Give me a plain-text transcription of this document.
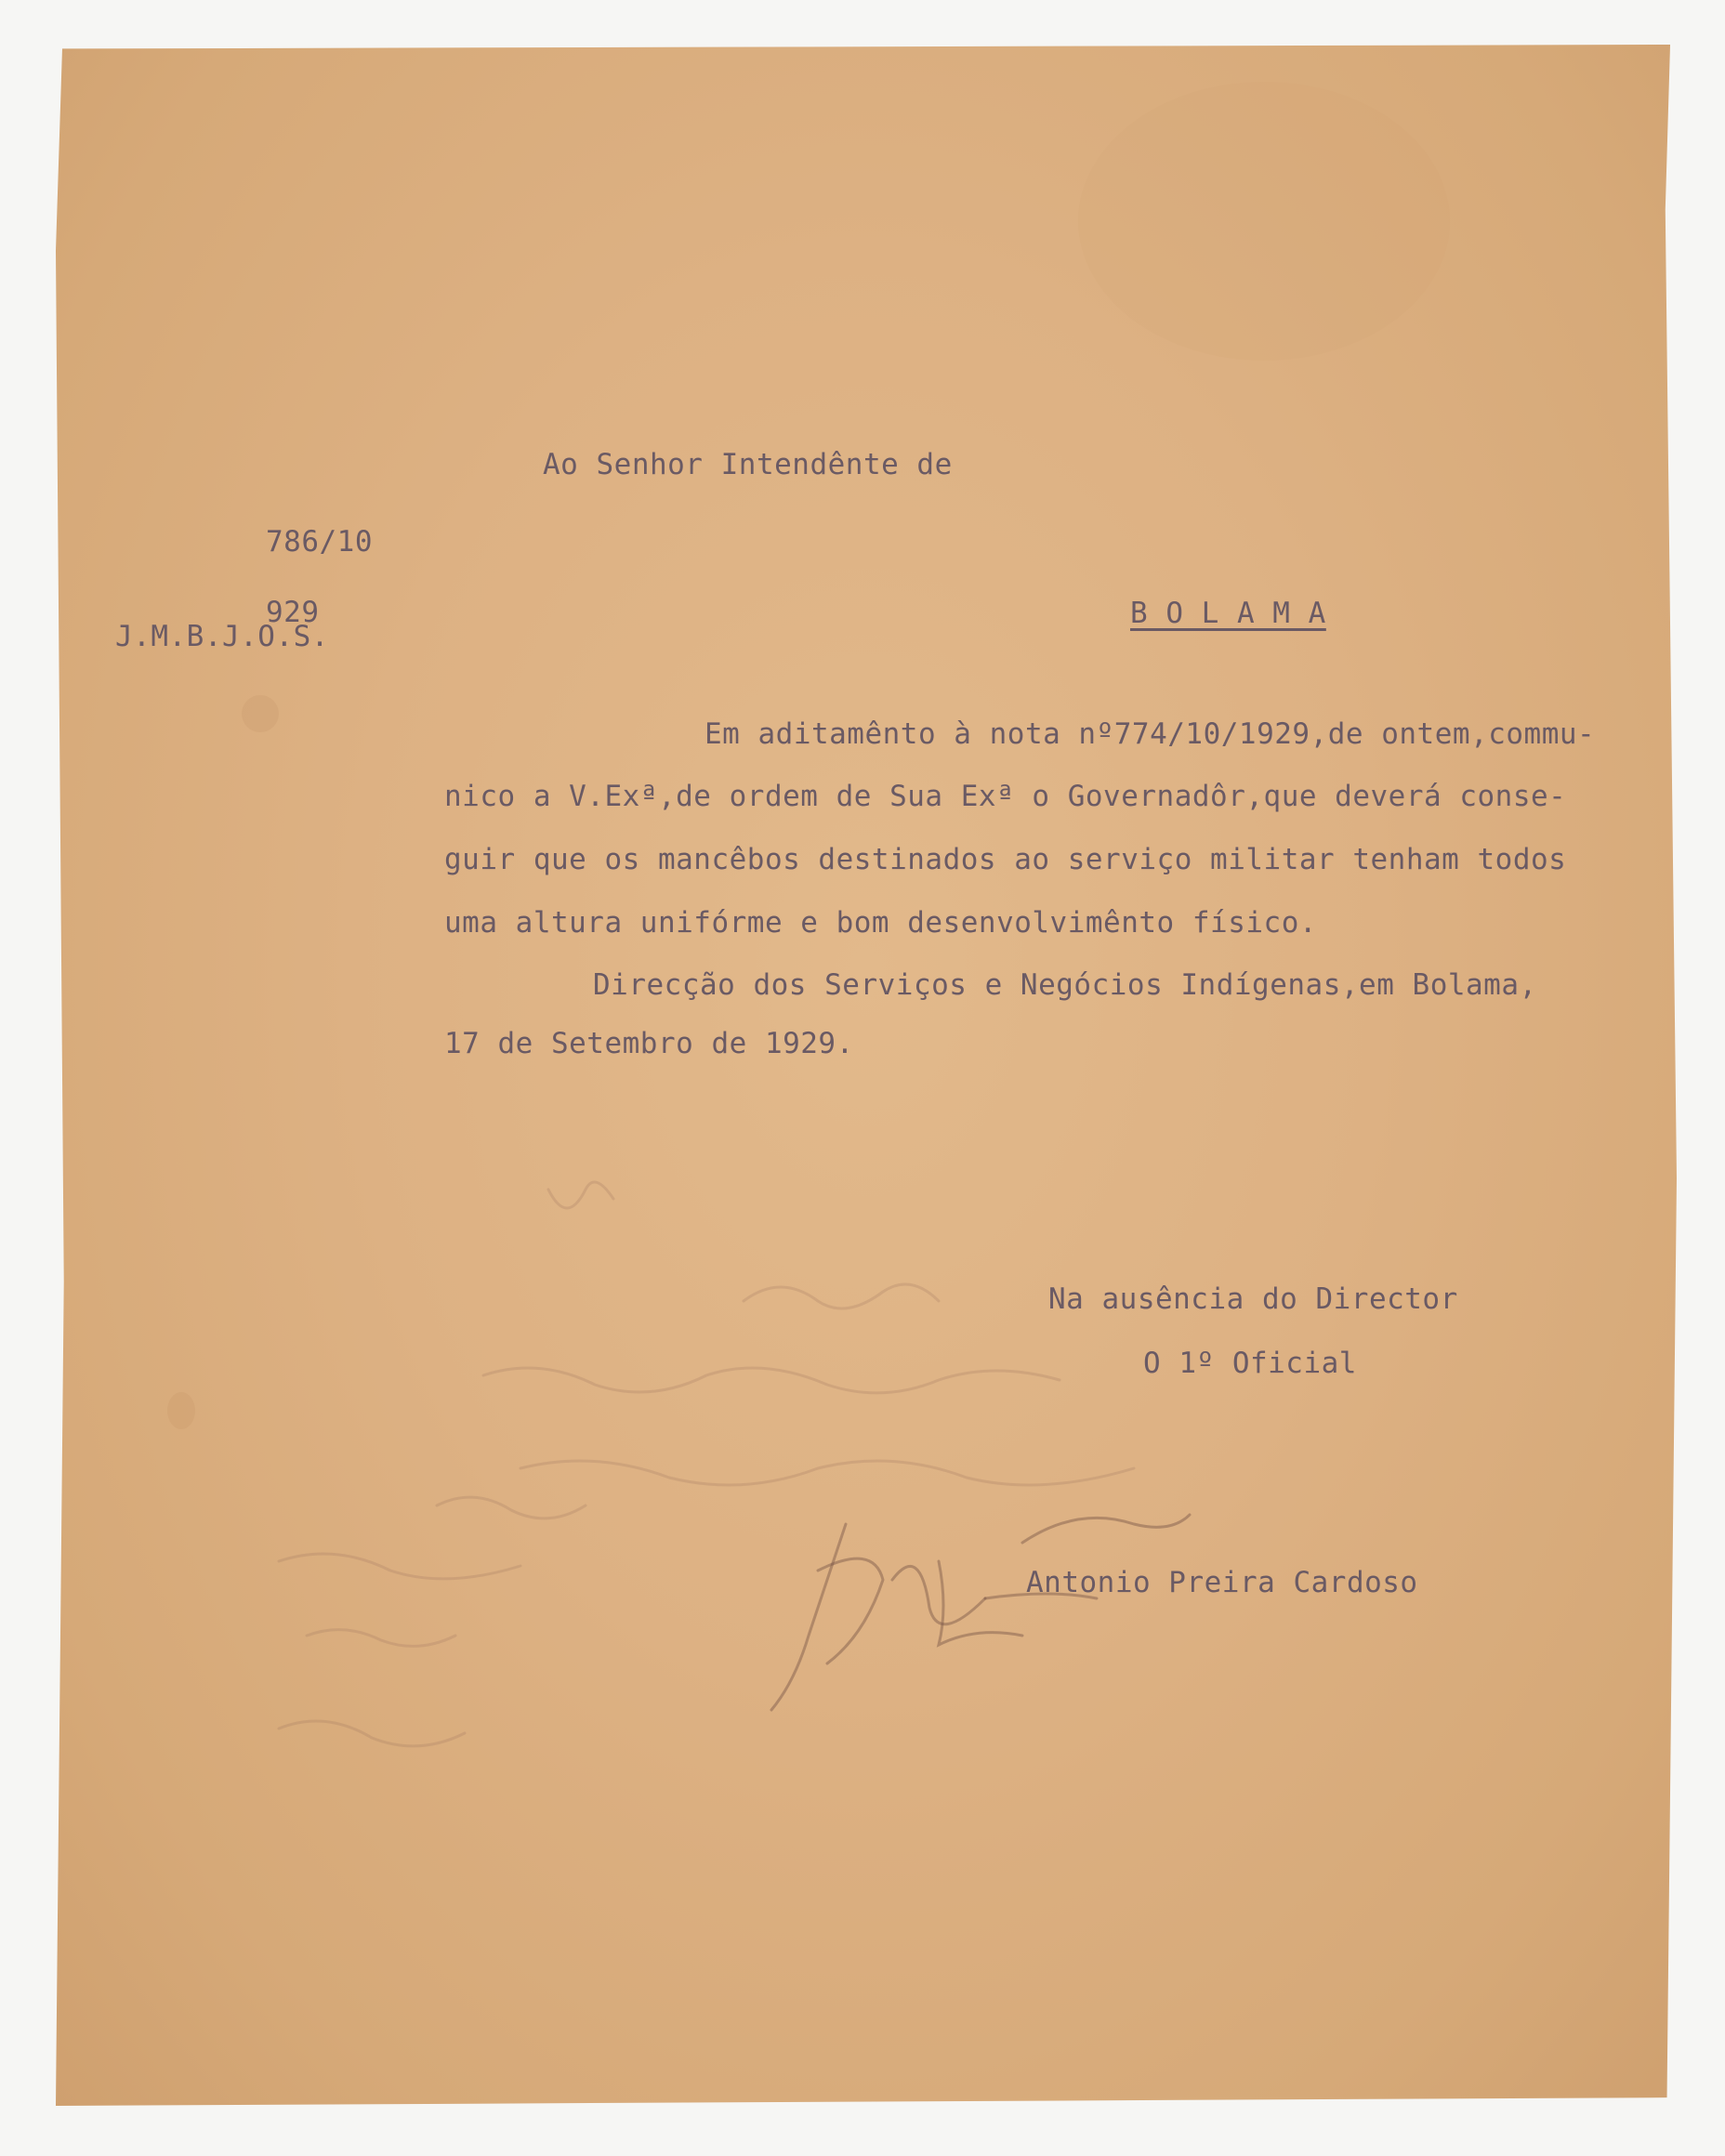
786/10

929

J.M.B.J.O.S.
Ao Senhor Intendênte de
B O L A M A
Em aditamênto à nota nº774/10/1929,de ontem,commu-
nico a V.Exª,de ordem de Sua Exª o Governadôr,que deverá conse-
guir que os mancêbos destinados ao serviço militar tenham todos
uma altura unifórme e bom desenvolvimênto físico.
Direcção dos Serviços e Negócios Indígenas,em Bolama,
17 de Setembro de 1929.
Na ausência do Director
O 1º Oficial
Antonio Preira Cardoso
